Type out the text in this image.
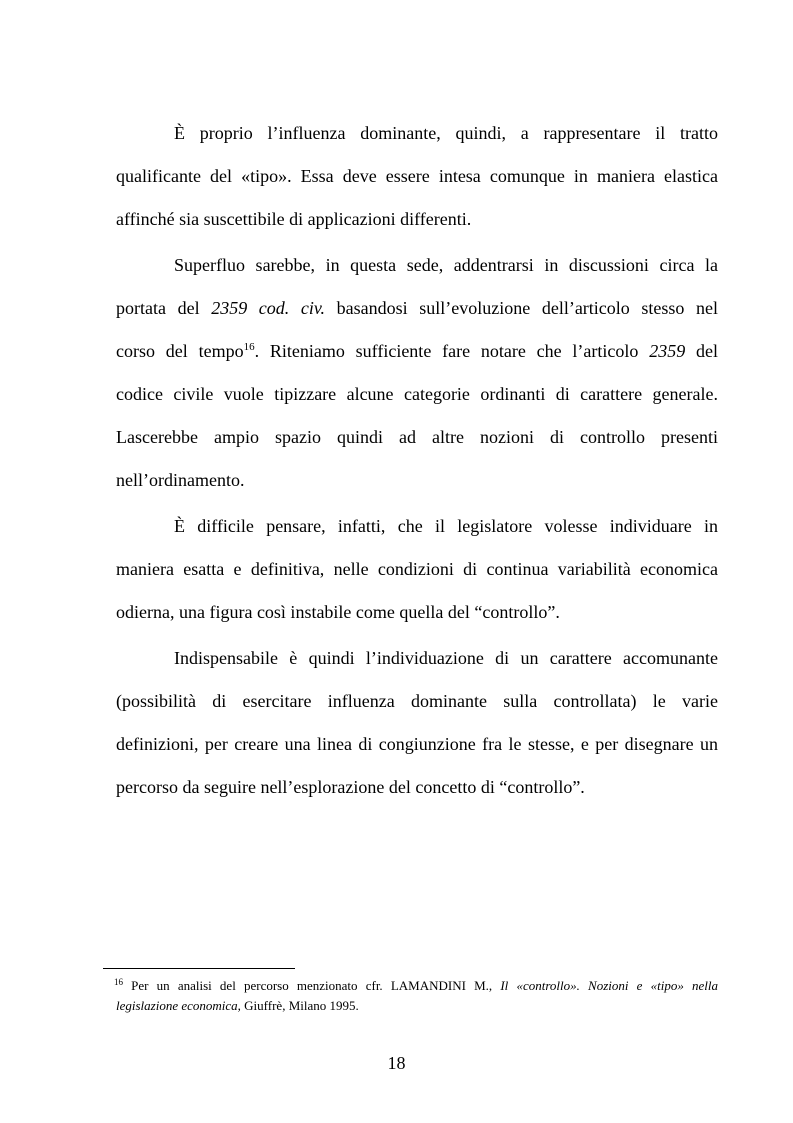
È proprio l’influenza dominante, quindi, a rappresentare il tratto
qualificante del «tipo». Essa deve essere intesa comunque in maniera elastica
affinché sia suscettibile di applicazioni differenti.

Superfluo sarebbe, in questa sede, addentrarsi in discussioni circa la
portata del 2359 cod. civ. basandosi sull’evoluzione dell’articolo stesso nel
corso del tempo$^{16}$. Riteniamo sufficiente fare notare che l’articolo 2359 del
codice civile vuole tipizzare alcune categorie ordinanti di carattere generale.
Lascerebbe ampio spazio quindi ad altre nozioni di controllo presenti
nell’ordinamento.

È difficile pensare, infatti, che il legislatore volesse individuare in
maniera esatta e definitiva, nelle condizioni di continua variabilità economica
odierna, una figura così instabile come quella del “controllo”.

Indispensabile è quindi l’individuazione di un carattere accomunante
(possibilità di esercitare influenza dominante sulla controllata) le varie
definizioni, per creare una linea di congiunzione fra le stesse, e per disegnare un
percorso da seguire nell’esplorazione del concetto di “controllo”.

$^{16}$ Per un analisi del percorso menzionato cfr. LAMANDINI M., Il «controllo». Nozioni e «tipo» nella
legislazione economica, Giuffrè, Milano 1995.
18
